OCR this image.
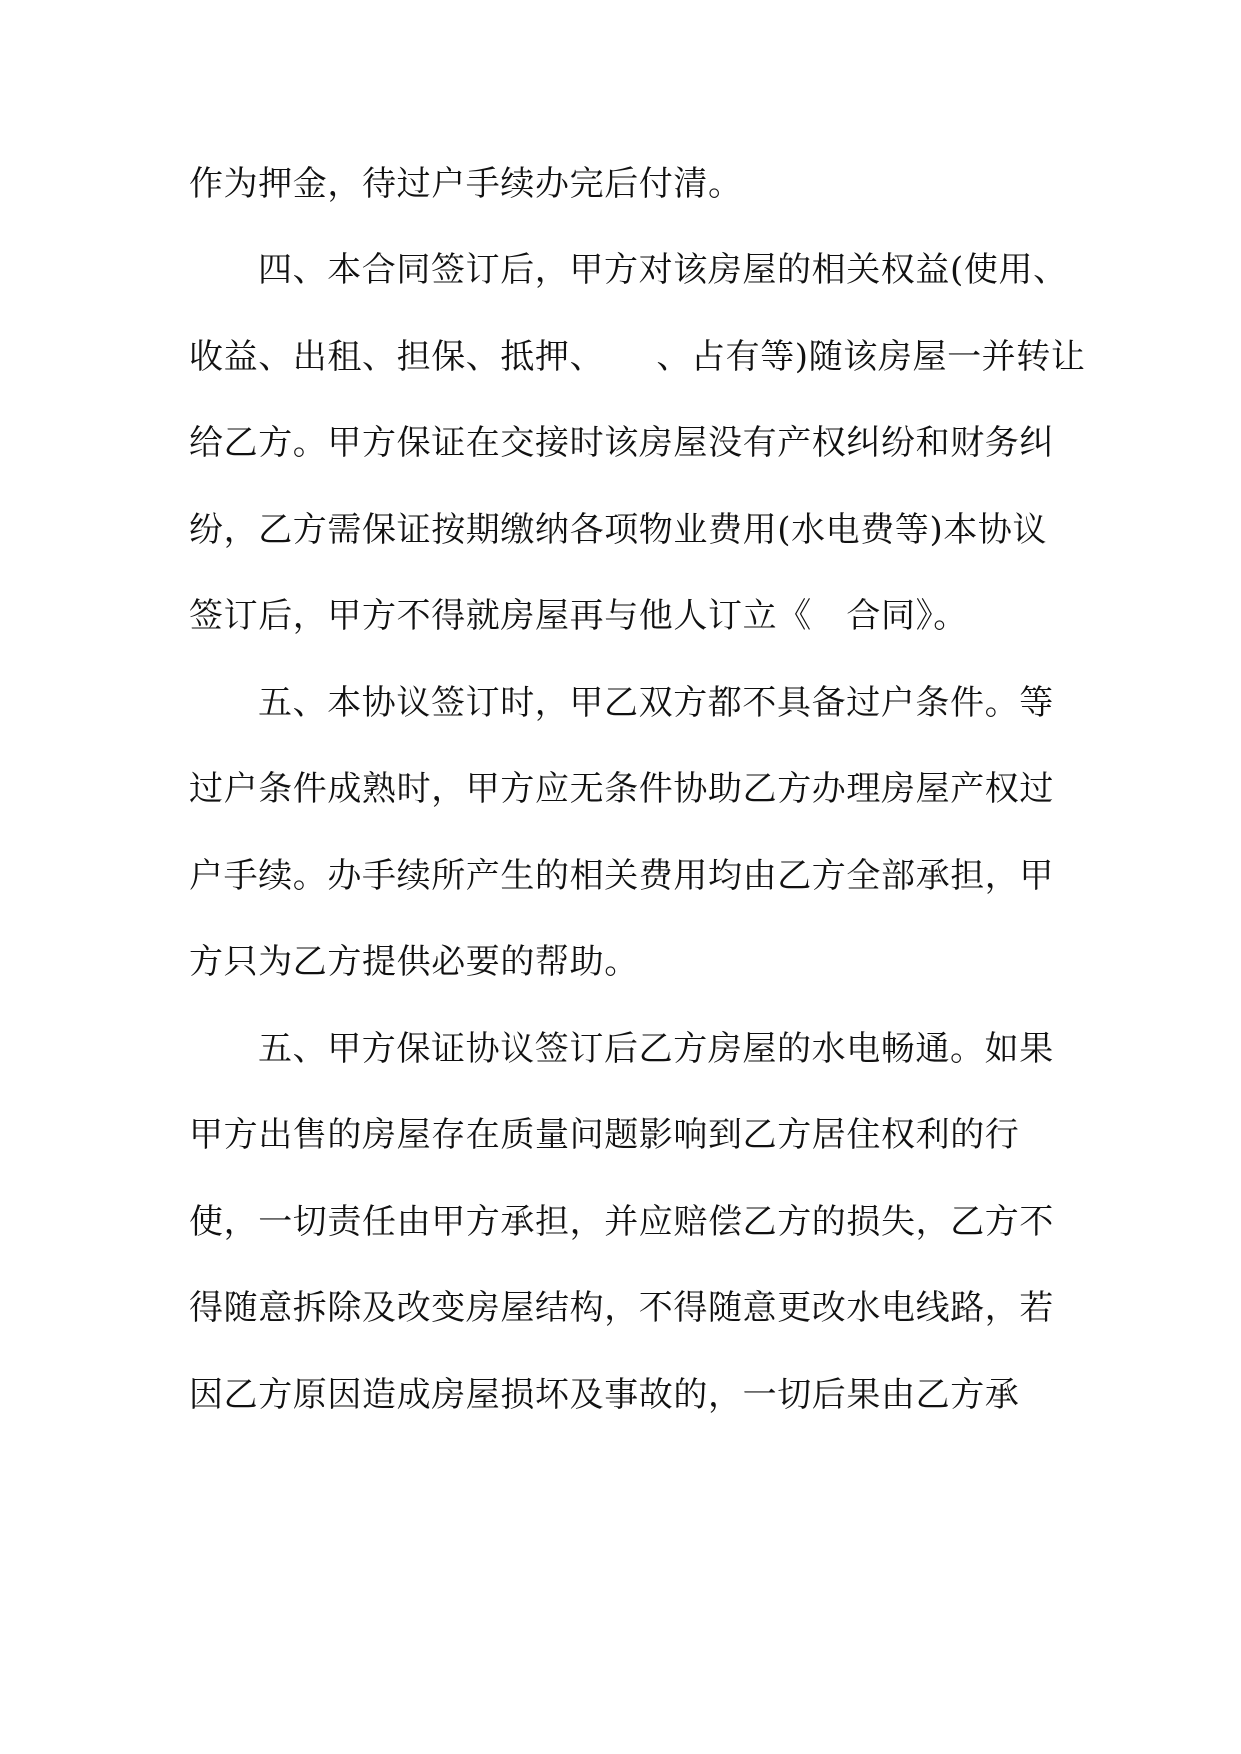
作为押金，待过户手续办完后付清。

四、本合同签订后，甲方对该房屋的相关权益(使用、

收益、出租、担保、抵押、　　、占有等)随该房屋一并转让

给乙方。甲方保证在交接时该房屋没有产权纠纷和财务纠

纷，乙方需保证按期缴纳各项物业费用(水电费等)本协议

签订后，甲方不得就房屋再与他人订立《　合同》。

五、本协议签订时，甲乙双方都不具备过户条件。等

过户条件成熟时，甲方应无条件协助乙方办理房屋产权过

户手续。办手续所产生的相关费用均由乙方全部承担，甲

方只为乙方提供必要的帮助。

五、甲方保证协议签订后乙方房屋的水电畅通。如果

甲方出售的房屋存在质量问题影响到乙方居住权利的行

使，一切责任由甲方承担，并应赔偿乙方的损失，乙方不

得随意拆除及改变房屋结构，不得随意更改水电线路，若

因乙方原因造成房屋损坏及事故的，一切后果由乙方承
